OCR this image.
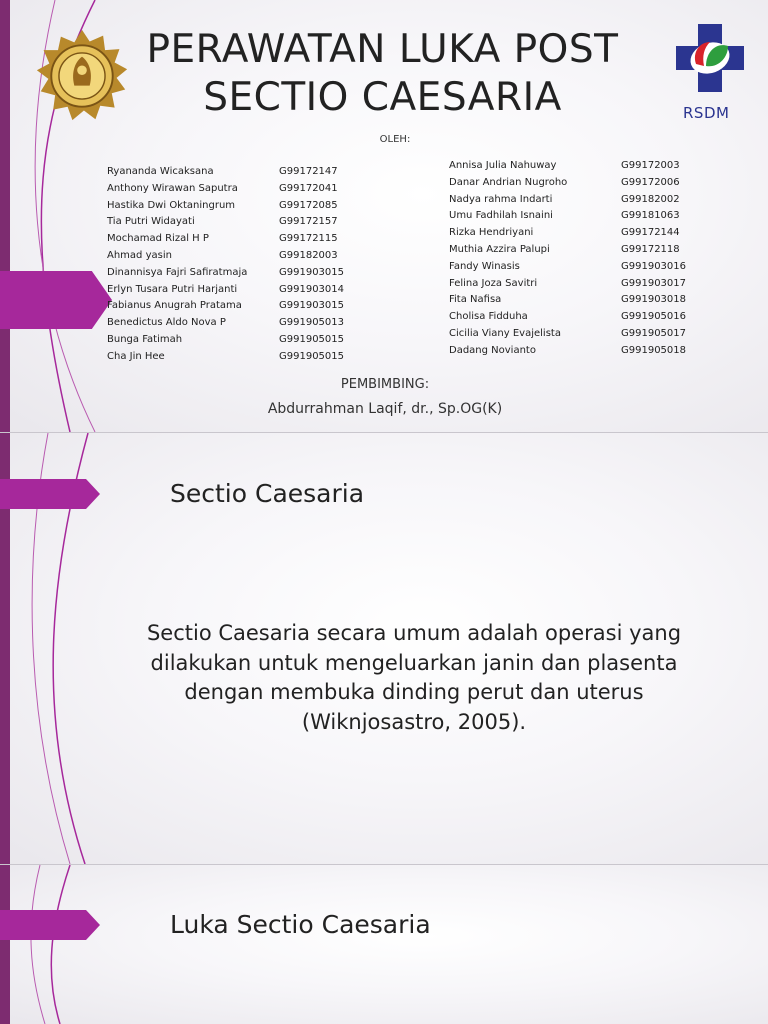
PERAWATAN LUKA POST
SECTIO CAESARIA	RSDM
OLEH:
Ryananda Wicaksana	G99172147
Anthony Wirawan Saputra	G99172041
Hastika Dwi Oktaningrum	G99172085
Tia Putri Widayati	G99172157
Mochamad Rizal H P	G99172115
Ahmad yasin	G99182003
Dinannisya Fajri Safiratmaja	G991903015
Erlyn Tusara Putri Harjanti	G991903014
Fabianus Anugrah Pratama	G991903015
Benedictus Aldo Nova P	G991905013
Bunga Fatimah	G991905015
Cha Jin Hee	G991905015
Annisa Julia Nahuway	G99172003
Danar Andrian Nugroho	G99172006
Nadya rahma Indarti	G99182002
Umu Fadhilah Isnaini	G99181063
Rizka Hendriyani	G99172144
Muthia Azzira Palupi	G99172118
Fandy Winasis	G991903016
Felina Joza Savitri	G991903017
Fita Nafisa	G991903018
Cholisa Fidduha	G991905016
Cicilia Viany Evajelista	G991905017
Dadang Novianto	G991905018
PEMBIMBING:
Abdurrahman Laqif, dr., Sp.OG(K)
Sectio Caesaria
Sectio Caesaria secara umum adalah operasi yang dilakukan untuk mengeluarkan janin dan plasenta dengan membuka dinding perut dan uterus (Wiknjosastro, 2005).
Luka Sectio Caesaria
